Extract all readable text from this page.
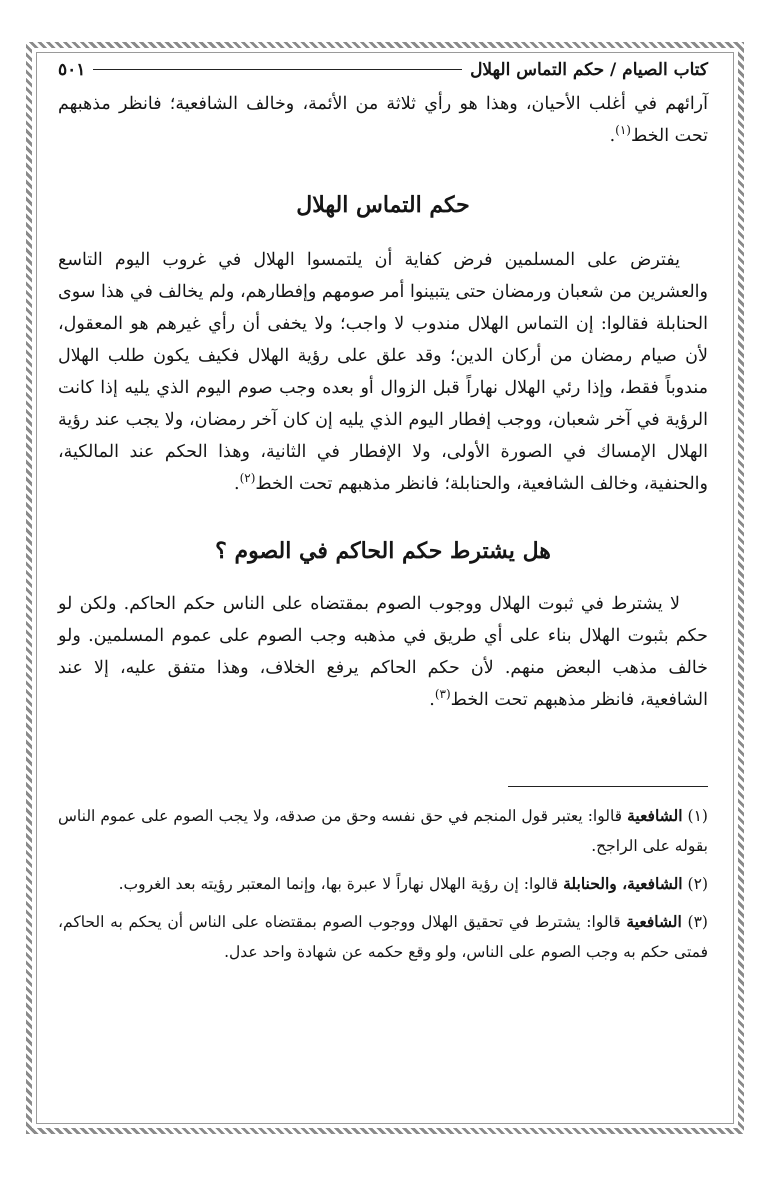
كتاب الصيام / حكم التماس الهلال
٥٠١

آرائهم في أغلب الأحيان، وهذا هو رأي ثلاثة من الأئمة، وخالف الشافعية؛ فانظر مذهبهم تحت الخط$^{(١)}$.

حكم التماس الهلال

يفترض على المسلمين فرض كفاية أن يلتمسوا الهلال في غروب اليوم التاسع والعشرين من شعبان ورمضان حتى يتبينوا أمر صومهم وإفطارهم، ولم يخالف في هذا سوى الحنابلة فقالوا: إن التماس الهلال مندوب لا واجب؛ ولا يخفى أن رأي غيرهم هو المعقول، لأن صيام رمضان من أركان الدين؛ وقد علق على رؤية الهلال فكيف يكون طلب الهلال مندوباً فقط، وإذا رئي الهلال نهاراً قبل الزوال أو بعده وجب صوم اليوم الذي يليه إذا كانت الرؤية في آخر شعبان، ووجب إفطار اليوم الذي يليه إن كان آخر رمضان، ولا يجب عند رؤية الهلال الإمساك في الصورة الأولى، ولا الإفطار في الثانية، وهذا الحكم عند المالكية، والحنفية، وخالف الشافعية، والحنابلة؛ فانظر مذهبهم تحت الخط$^{(٢)}$.

هل يشترط حكم الحاكم في الصوم ؟

لا يشترط في ثبوت الهلال ووجوب الصوم بمقتضاه على الناس حكم الحاكم. ولكن لو حكم بثبوت الهلال بناء على أي طريق في مذهبه وجب الصوم على عموم المسلمين. ولو خالف مذهب البعض منهم. لأن حكم الحاكم يرفع الخلاف، وهذا متفق عليه، إلا عند الشافعية، فانظر مذهبهم تحت الخط$^{(٣)}$.

(١) الشافعية قالوا: يعتبر قول المنجم في حق نفسه وحق من صدقه، ولا يجب الصوم على عموم الناس بقوله على الراجح.

(٢) الشافعية، والحنابلة قالوا: إن رؤية الهلال نهاراً لا عبرة بها، وإنما المعتبر رؤيته بعد الغروب.

(٣) الشافعية قالوا: يشترط في تحقيق الهلال ووجوب الصوم بمقتضاه على الناس أن يحكم به الحاكم، فمتى حكم به وجب الصوم على الناس، ولو وقع حكمه عن شهادة واحد عدل.
